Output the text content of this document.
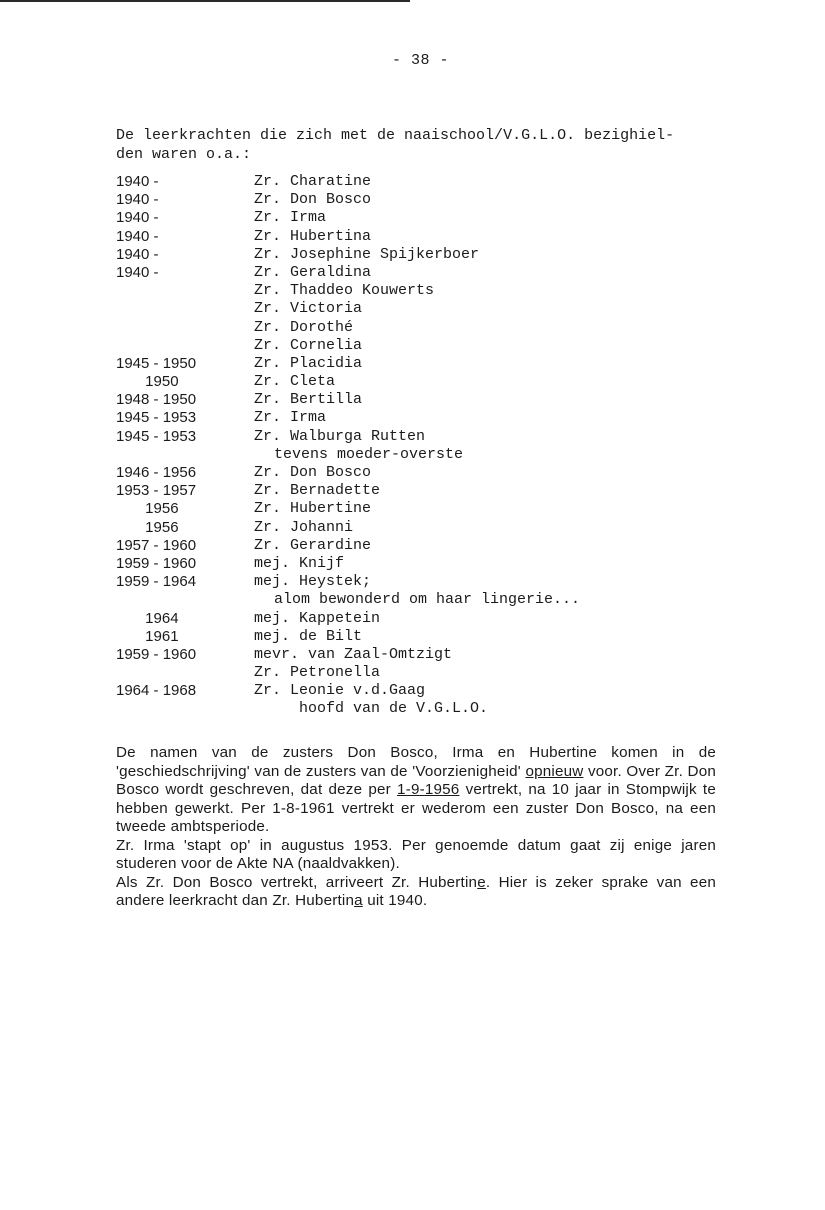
- 38 -
De leerkrachten die zich met de naaischool/V.G.L.O. bezighiel-
den waren o.a.:
1940 -	Zr. Charatine
1940 -	Zr. Don Bosco
1940 -	Zr. Irma
1940 -	Zr. Hubertina
1940 -	Zr. Josephine Spijkerboer
1940 -	Zr. Geraldina
Zr. Thaddeo Kouwerts
Zr. Victoria
Zr. Dorothé
Zr. Cornelia
1945 - 1950	Zr. Placidia
1950	Zr. Cleta
1948 - 1950	Zr. Bertilla
1945 - 1953	Zr. Irma
1945 - 1953	Zr. Walburga Rutten
tevens moeder-overste
1946 - 1956	Zr. Don Bosco
1953 - 1957	Zr. Bernadette
1956	Zr. Hubertine
1956	Zr. Johanni
1957 - 1960	Zr. Gerardine
1959 - 1960	mej. Knijf
1959 - 1964	mej. Heystek;
alom bewonderd om haar lingerie...
1964	mej. Kappetein
1961	mej. de Bilt
1959 - 1960	mevr. van Zaal-Omtzigt
Zr. Petronella
1964 - 1968	Zr. Leonie v.d.Gaag
hoofd van de V.G.L.O.

De namen van de zusters Don Bosco, Irma en Hubertine komen in de 'geschiedschrijving' van de zusters van de 'Voorzienigheid' opnieuw voor. Over Zr. Don Bosco wordt geschreven, dat deze per 1-9-1956 vertrekt, na 10 jaar in Stompwijk te hebben gewerkt. Per 1-8-1961 vertrekt er wederom een zuster Don Bosco, na een tweede ambtsperiode.

Zr. Irma 'stapt op' in augustus 1953. Per genoemde datum gaat zij enige jaren studeren voor de Akte NA (naaldvakken).

Als Zr. Don Bosco vertrekt, arriveert Zr. Hubertine. Hier is zeker sprake van een andere leerkracht dan Zr. Hubertina uit 1940.
